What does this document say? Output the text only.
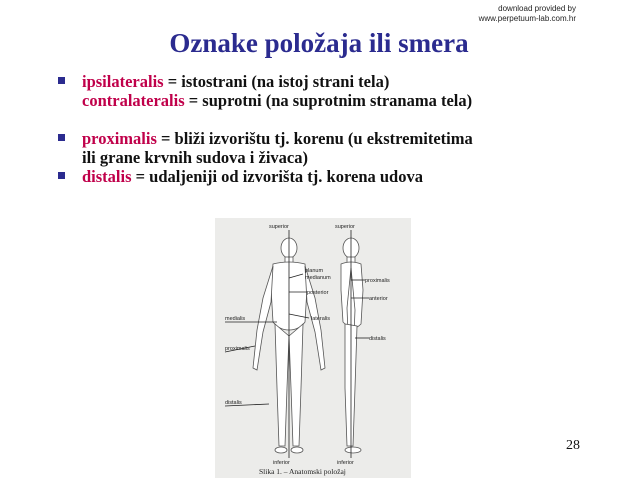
download provided by
www.perpetuum-lab.com.hr
Oznake položaja ili smera
ipsilateralis = istostrani (na istoj strani tela)
contralateralis = suprotni (na suprotnim stranama tela)
proximalis = bliži izvorištu tj. korenu (u ekstremitetima
ili grane krvnih sudova i živaca)
distalis = udaljeniji od izvorišta tj. korena udova
superior	superior
planum
medianum
posterior
lateralis
medialis
proximalis
distalis
proximalis
anterior
distalis
inferior	inferior
Slika 1. – Anatomski položaj
28
